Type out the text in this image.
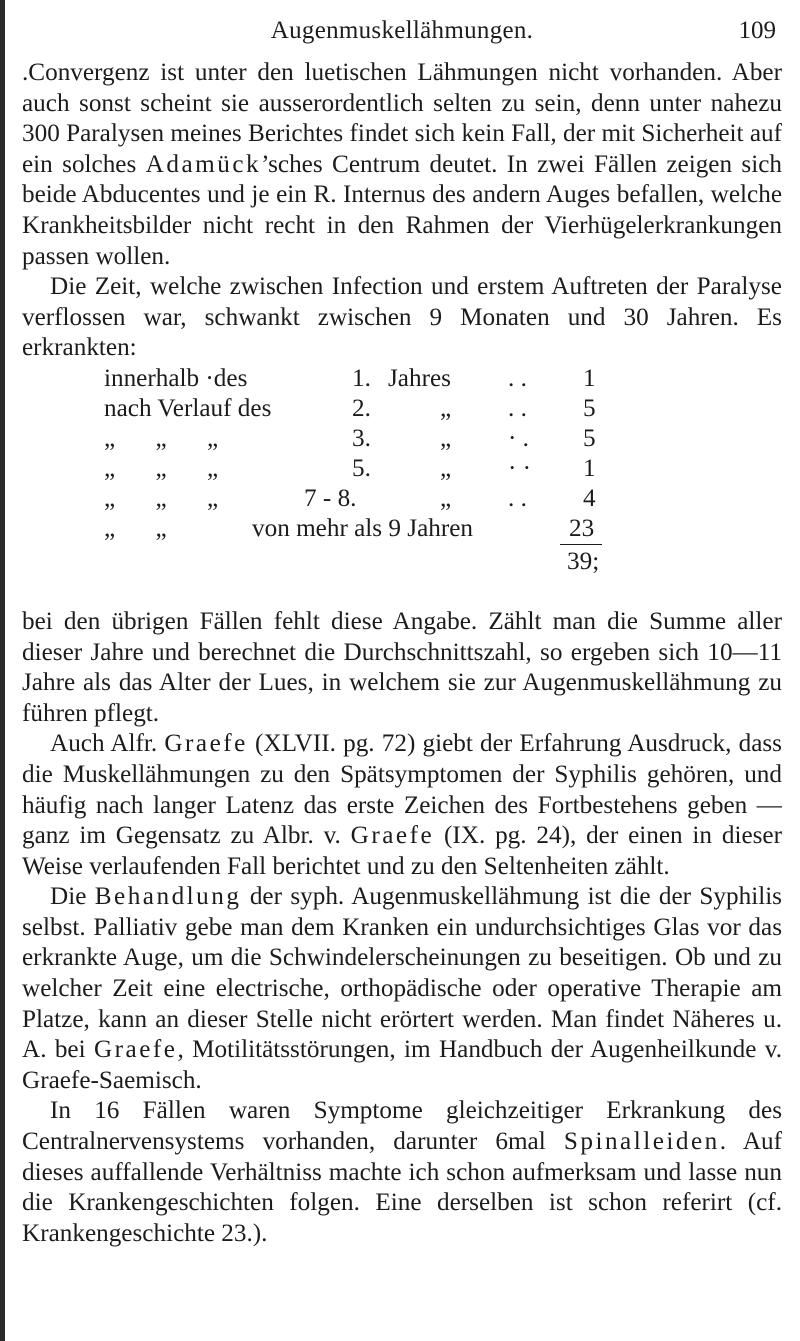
Augenmuskellähmungen.	109

.Convergenz ist unter den luetischen Lähmungen nicht vorhanden. Aber auch sonst scheint sie ausserordentlich selten zu sein, denn unter nahezu 300 Paralysen meines Berichtes findet sich kein Fall, der mit Sicherheit auf ein solches Adamück’sches Centrum deutet. In zwei Fällen zeigen sich beide Abducentes und je ein R. Internus des andern Auges befallen, welche Krankheitsbilder nicht recht in den Rahmen der Vierhügelerkrankungen passen wollen.

Die Zeit, welche zwischen Infection und erstem Auftreten der Paralyse verflossen war, schwankt zwischen 9 Monaten und 30 Jahren. Es erkrankten:

innerhalb ·des	1. Jahres . . 1
nach Verlauf des	2.	„ . . 5
„ „ „	3.	„ · . 5
„ „ „	5.	„ · · 1
„ „ „	7 - 8.	„ . . 4
„ „	von mehr als 9 Jahren	23
39;

bei den übrigen Fällen fehlt diese Angabe. Zählt man die Summe aller dieser Jahre und berechnet die Durchschnittszahl, so ergeben sich 10—11 Jahre als das Alter der Lues, in welchem sie zur Augenmuskellähmung zu führen pflegt.

Auch Alfr. Graefe (XLVII. pg. 72) giebt der Erfahrung Ausdruck, dass die Muskellähmungen zu den Spätsymptomen der Syphilis gehören, und häufig nach langer Latenz das erste Zeichen des Fortbestehens geben — ganz im Gegensatz zu Albr. v. Graefe (IX. pg. 24), der einen in dieser Weise verlaufenden Fall berichtet und zu den Seltenheiten zählt.

Die Behandlung der syph. Augenmuskellähmung ist die der Syphilis selbst. Palliativ gebe man dem Kranken ein undurchsichtiges Glas vor das erkrankte Auge, um die Schwindelerscheinungen zu beseitigen. Ob und zu welcher Zeit eine electrische, orthopädische oder operative Therapie am Platze, kann an dieser Stelle nicht erörtert werden. Man findet Näheres u. A. bei Graefe, Motilitätsstörungen, im Handbuch der Augenheilkunde v. Graefe-Saemisch.

In 16 Fällen waren Symptome gleichzeitiger Erkrankung des Centralnervensystems vorhanden, darunter 6mal Spinalleiden. Auf dieses auffallende Verhältniss machte ich schon aufmerksam und lasse nun die Krankengeschichten folgen. Eine derselben ist schon referirt (cf. Krankengeschichte 23.).
